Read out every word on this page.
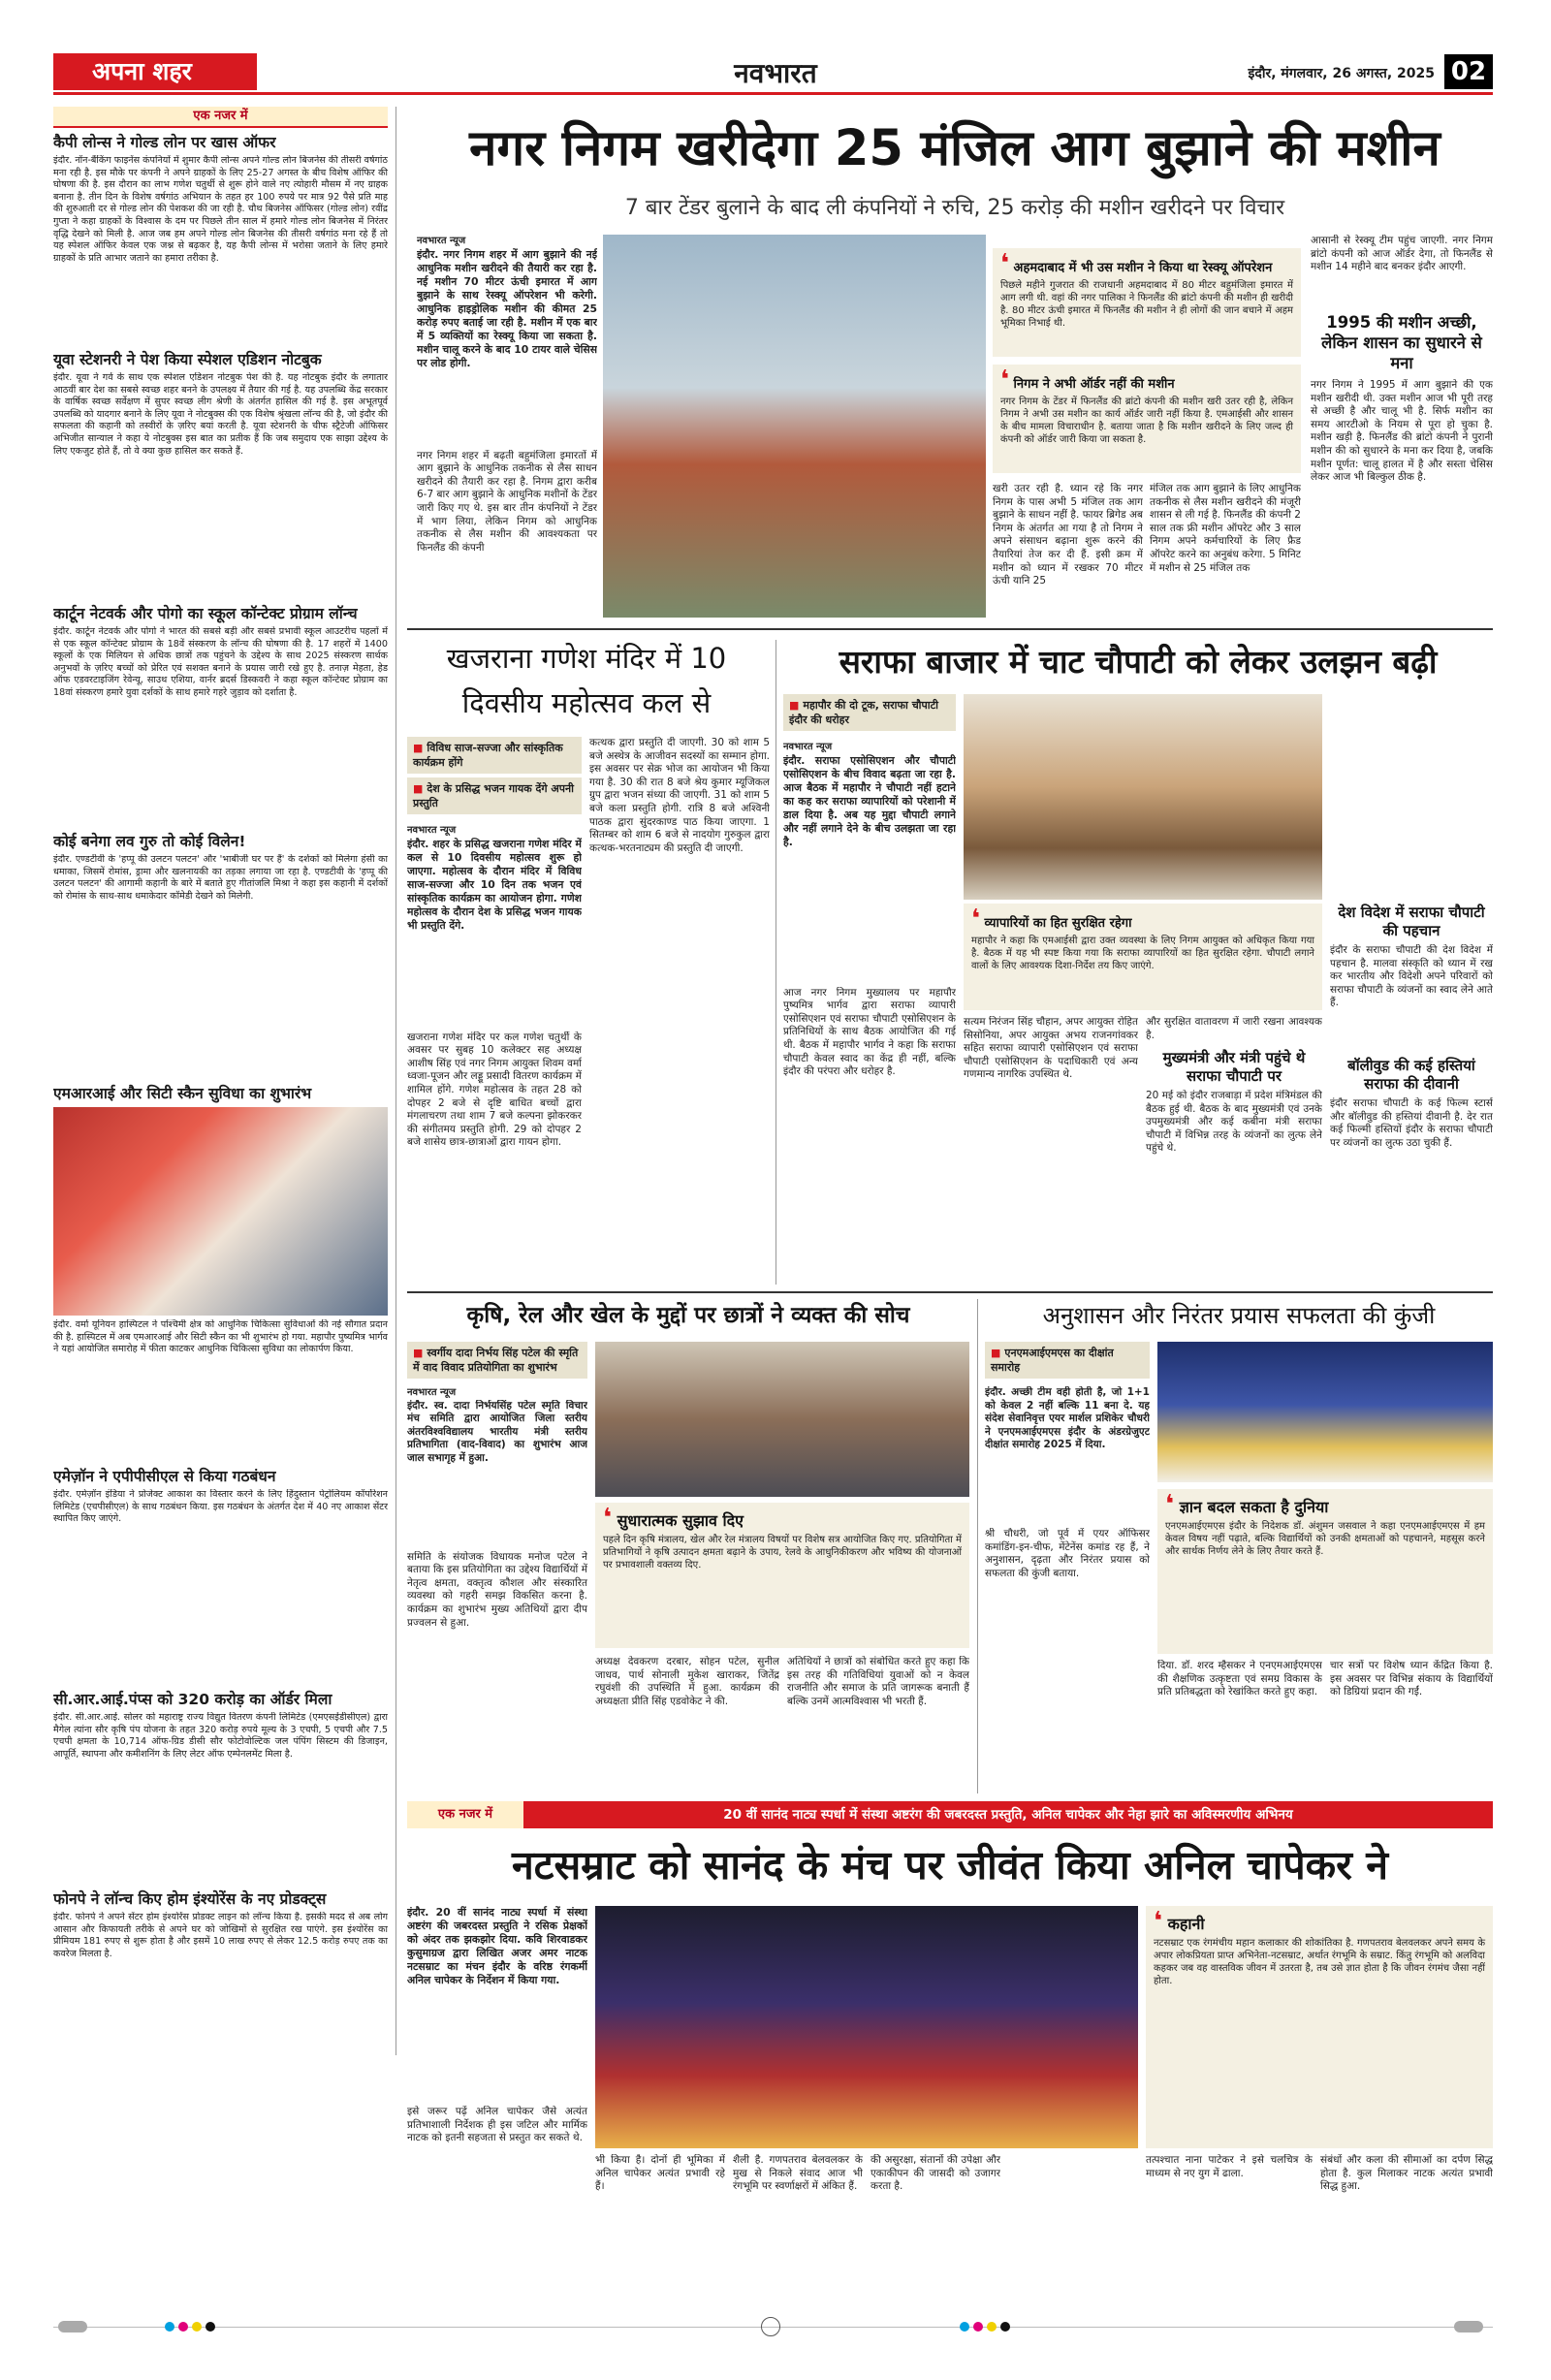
अपना शहर	नवभारत	इंदौर, मंगलवार, 26 अगस्त, 2025 02
एक नजर में
कैपी लोन्स ने गोल्ड लोन पर खास ऑफर
इंदौर. नॉन-बैंकिंग फाइनेंस कंपनियों में शुमार कैपी लोन्स अपने गोल्ड लोन बिजनेस की तीसरी वर्षगांठ मना रही है. इस मौके पर कंपनी ने अपने ग्राहकों के लिए 25-27 अगस्त के बीच विशेष ऑफिर की घोषणा की है. इस दौरान का लाभ गणेश चतुर्थी से शुरू होने वाले नए त्योहारी मौसम में नए ग्राहक बनाना है. तीन दिन के विशेष वर्षगांठ अभियान के तहत हर 100 रुपये पर मात्र 92 पैसे प्रति माह की शुरुआती दर से गोल्ड लोन की पेशकश की जा रही है. चौथ बिजनेस ऑफिसर (गोल्ड लोन) रवींद्र गुप्ता ने कहा ग्राहकों के विश्वास के दम पर पिछले तीन साल में हमारे गोल्ड लोन बिजनेस में निरंतर वृद्धि देखने को मिली है. आज जब हम अपने गोल्ड लोन बिजनेस की तीसरी वर्षगांठ मना रहे हैं तो यह स्पेशल ऑफिर केवल एक जश्न से बढ़कर है, यह कैपी लोन्स में भरोसा जताने के लिए हमारे ग्राहकों के प्रति आभार जताने का हमारा तरीका है.
यूवा स्टेशनरी ने पेश किया स्पेशल एडिशन नोटबुक
इंदौर. यूवा ने गर्व के साथ एक स्पेशल एडिशन नोटबुक पेश की है. यह नोटबुक इंदौर के लगातार आठवीं बार देश का सबसे स्वच्छ शहर बनने के उपलक्ष्य में तैयार की गई है. यह उपलब्धि केंद्र सरकार के वार्षिक स्वच्छ सर्वेक्षण में सुपर स्वच्छ लीग श्रेणी के अंतर्गत हासिल की गई है. इस अभूतपूर्व उपलब्धि को यादगार बनाने के लिए यूवा ने नोटबुक्स की एक विशेष श्रृंखला लॉन्च की है, जो इंदौर की सफलता की कहानी को तस्वीरों के ज़रिए बयां करती है. यूवा स्टेशनरी के चीफ स्ट्रैटेजी ऑफिसर अभिजीत सान्याल ने कहा ये नोटबुक्स इस बात का प्रतीक हैं कि जब समुदाय एक साझा उद्देश्य के लिए एकजुट होते हैं, तो वे क्या कुछ हासिल कर सकते हैं.
कार्टून नेटवर्क और पोगो का स्कूल कॉन्टेक्ट प्रोग्राम लॉन्च
इंदौर. कार्टून नेटवर्क और पोगो ने भारत की सबसे बड़ी और सबसे प्रभावी स्कूल आउटरीच पहलों में से एक स्कूल कॉन्टेक्ट प्रोग्राम के 18वें संस्करण के लॉन्च की घोषणा की है. 17 शहरों में 1400 स्कूलों के एक मिलियन से अधिक छात्रों तक पहुंचने के उद्देश्य के साथ 2025 संस्करण सार्थक अनुभवों के ज़रिए बच्चों को प्रेरित एवं सशक्त बनाने के प्रयास जारी रखे हुए है. तनाज़ मेहता, हेड ऑफ एडवरटाइजिंग रेवेन्यू, साउथ एशिया, वार्नर ब्रदर्स डिस्कवरी ने कहा स्कूल कॉन्टेक्ट प्रोग्राम का 18वां संस्करण हमारे युवा दर्शकों के साथ हमारे गहरे जुड़ाव को दर्शाता है.
कोई बनेगा लव गुरु तो कोई विलेन!
इंदौर. एण्डटीवी के 'हप्पू की उलटन पलटन' और 'भाबीजी घर पर हैं' के दर्शकों को मिलेगा हंसी का धमाका, जिसमें रोमांस, ड्रामा और खलनायकी का तड़का लगाया जा रहा है. एण्डटीवी के 'हप्पू की उलटन पलटन' की आगामी कहानी के बारे में बताते हुए गीतांजलि मिश्रा ने कहा इस कहानी में दर्शकों को रोमांस के साथ-साथ धमाकेदार कॉमेडी देखने को मिलेगी.
एमआरआई और सिटी स्कैन सुविधा का शुभारंभ
इंदौर. वर्मा यूनियन हास्पिटल ने पश्चिमी क्षेत्र को आधुनिक चिकित्सा सुविधाओं की नई सौगात प्रदान की है. हास्पिटल में अब एमआरआई और सिटी स्कैन का भी शुभारंभ हो गया. महापौर पुष्यमित्र भार्गव ने यहां आयोजित समारोह में फीता काटकर आधुनिक चिकित्सा सुविधा का लोकार्पण किया.
एमेज़ॉन ने एपीपीसीएल से किया गठबंधन
इंदौर. एमेज़ॉन इंडिया ने प्रोजेक्ट आकाश का विस्तार करने के लिए हिंदुस्तान पेट्रोलियम कॉर्पोरेशन लिमिटेड (एचपीसीएल) के साथ गठबंधन किया. इस गठबंधन के अंतर्गत देश में 40 नए आकाश सेंटर स्थापित किए जाएंगे.
सी.आर.आई.पंप्स को 320 करोड़ का ऑर्डर मिला
इंदौर. सी.आर.आई. सोलर को महाराष्ट्र राज्य विद्युत वितरण कंपनी लिमिटेड (एमएसईडीसीएल) द्वारा मैगेल त्यांना सौर कृषि पंप योजना के तहत 320 करोड़ रुपये मूल्य के 3 एचपी, 5 एचपी और 7.5 एचपी क्षमता के 10,714 ऑफ-ग्रिड डीसी सौर फोटोवोल्टिक जल पंपिंग सिस्टम की डिजाइन, आपूर्ति, स्थापना और कमीशनिंग के लिए लेटर ऑफ एम्पेनलमेंट मिला है.
फोनपे ने लॉन्च किए होम इंश्योरेंस के नए प्रोडक्ट्स
इंदौर. फोनपे ने अपने सेंटर होम इंश्योरेंस प्रोडक्ट लाइन को लॉन्च किया है. इसकी मदद से अब लोग आसान और किफायती तरीके से अपने घर को जोखिमों से सुरक्षित रख पाएंगे. इस इंश्योरेंस का प्रीमियम 181 रुपए से शुरू होता है और इसमें 10 लाख रुपए से लेकर 12.5 करोड़ रुपए तक का कवरेज मिलता है.
नगर निगम खरीदेगा 25 मंजिल आग बुझाने की मशीन
7 बार टेंडर बुलाने के बाद ली कंपनियों ने रुचि, 25 करोड़ की मशीन खरीदने पर विचार
नवभारत न्यूज
इंदौर. नगर निगम शहर में आग बुझाने की नई आधुनिक मशीन खरीदने की तैयारी कर रहा है. नई मशीन 70 मीटर ऊंची इमारत में आग बुझाने के साथ रेस्क्यू ऑपरेशन भी करेगी. आधुनिक हाइड्रोलिक मशीन की कीमत 25 करोड़ रुपए बताई जा रही है. मशीन में एक बार में 5 व्यक्तियों का रेस्क्यू किया जा सकता है. मशीन चालू करने के बाद 10 टायर वाले चेसिस पर लोड होगी.
नगर निगम शहर में बढ़ती बहुमंजिला इमारतों में आग बुझाने के आधुनिक तकनीक से लैस साधन खरीदने की तैयारी कर रहा है. निगम द्वारा करीब 6-7 बार आग बुझाने के आधुनिक मशीनों के टेंडर जारी किए गए थे. इस बार तीन कंपनियों ने टेंडर में भाग लिया, लेकिन निगम को आधुनिक तकनीक से लैस मशीन की आवश्यकता पर फिनलैंड की कंपनी
❛ अहमदाबाद में भी उस मशीन ने किया था रेस्क्यू ऑपरेशन
पिछले महीने गुजरात की राजधानी अहमदाबाद में 80 मीटर बहुमंजिला इमारत में आग लगी थी. वहां की नगर पालिका ने फिनलैंड की ब्रांटो कंपनी की मशीन ही खरीदी है. 80 मीटर ऊंची इमारत में फिनलैंड की मशीन ने ही लोगों की जान बचाने में अहम भूमिका निभाई थी.
❛ निगम ने अभी ऑर्डर नहीं की मशीन
नगर निगम के टेंडर में फिनलैंड की ब्रांटो कंपनी की मशीन खरी उतर रही है, लेकिन निगम ने अभी उस मशीन का कार्य ऑर्डर जारी नहीं किया है. एमआईसी और शासन के बीच मामला विचाराधीन है. बताया जाता है कि मशीन खरीदने के लिए जल्द ही कंपनी को ऑर्डर जारी किया जा सकता है.
खरी उतर रही है. ध्यान रहे कि नगर निगम के पास अभी 5 मंजिल तक आग बुझाने के साधन नहीं है. फायर ब्रिगेड अब निगम के अंतर्गत आ गया है तो निगम ने अपने संसाधन बढ़ाना शुरू करने की तैयारियां तेज कर दी हैं. इसी क्रम में मशीन को ध्यान में रखकर 70 मीटर ऊंची यानि 25
मंजिल तक आग बुझाने के लिए आधुनिक तकनीक से लैस मशीन खरीदने की मंजूरी शासन से ली गई है. फिनलैंड की कंपनी 2 साल तक फ्री मशीन ऑपरेट और 3 साल निगम अपने कर्मचारियों के लिए फ्रैड ऑपरेट करने का अनुबंध करेगा. 5 मिनिट में मशीन से 25 मंजिल तक
आसानी से रेस्क्यू टीम पहुंच जाएगी. नगर निगम ब्रांटो कंपनी को आज ऑर्डर देगा, तो फिनलैंड से मशीन 14 महीने बाद बनकर इंदौर आएगी.
1995 की मशीन अच्छी, लेकिन शासन का सुधारने से मना
नगर निगम ने 1995 में आग बुझाने की एक मशीन खरीदी थी. उक्त मशीन आज भी पूरी तरह से अच्छी है और चालू भी है. सिर्फ मशीन का समय आरटीओ के नियम से पूरा हो चुका है. मशीन खड़ी है. फिनलैंड की ब्रांटो कंपनी ने पुरानी मशीन की को सुधारने के मना कर दिया है, जबकि मशीन पूर्णत: चालू हालत में है और सस्ता चेसिस लेकर आज भी बिल्कुल ठीक है.
खजराना गणेश मंदिर में 10 दिवसीय महोत्सव कल से
■ विविध साज-सज्जा और सांस्कृतिक कार्यक्रम होंगे
■ देश के प्रसिद्ध भजन गायक देंगे अपनी प्रस्तुति
नवभारत न्यूज
इंदौर. शहर के प्रसिद्ध खजराना गणेश मंदिर में कल से 10 दिवसीय महोत्सव शुरू हो जाएगा. महोत्सव के दौरान मंदिर में विविध साज-सज्जा और 10 दिन तक भजन एवं सांस्कृतिक कार्यक्रम का आयोजन होगा. गणेश महोत्सव के दौरान देश के प्रसिद्ध भजन गायक भी प्रस्तुति देंगे.
खजराना गणेश मंदिर पर कल गणेश चतुर्थी के अवसर पर सुबह 10 कलेक्टर सह अध्यक्ष आशीष सिंह एवं नगर निगम आयुक्त शिवम वर्मा ध्वजा-पूजन और लड्डू प्रसादी वितरण कार्यक्रम में शामिल होंगे. गणेश महोत्सव के तहत 28 को दोपहर 2 बजे से दृष्टि बाधित बच्चों द्वारा मंगलाचरण तथा शाम 7 बजे कल्पना झोकरकर की संगीतमय प्रस्तुति होगी. 29 को दोपहर 2 बजे शासेय छात्र-छात्राओं द्वारा गायन होगा.
कत्थक द्वारा प्रस्तुति दी जाएगी. 30 को शाम 5 बजे अस्थेत्र के आजीवन सदस्यों का सम्मान होगा. इस अवसर पर सेक्र भोज का आयोजन भी किया गया है. 30 की रात 8 बजे श्रेय कुमार म्यूजिकल ग्रुप द्वारा भजन संध्या की जाएगी. 31 को शाम 5 बजे कला प्रस्तुति होगी. रात्रि 8 बजे अश्विनी पाठक द्वारा सुंदरकाण्ड पाठ किया जाएगा. 1 सितम्बर को शाम 6 बजे से नादयोग गुरुकुल द्वारा कत्थक-भरतनाट्यम की प्रस्तुति दी जाएगी.
सराफा बाजार में चाट चौपाटी को लेकर उलझन बढ़ी
■ महापौर की दो टूक, सराफा चौपाटी इंदौर की धरोहर
नवभारत न्यूज
इंदौर. सराफा एसोसिएशन और चौपाटी एसोसिएशन के बीच विवाद बढ़ता जा रहा है. आज बैठक में महापौर ने चौपाटी नहीं हटाने का कह कर सराफा व्यापारियों को परेशानी में डाल दिया है. अब यह मुद्दा चौपाटी लगाने और नहीं लगाने देने के बीच उलझता जा रहा है.
आज नगर निगम मुख्यालय पर महापौर पुष्यमित्र भार्गव द्वारा सराफा व्यापारी एसोसिएशन एवं सराफा चौपाटी एसोसिएशन के प्रतिनिधियों के साथ बैठक आयोजित की गई थी. बैठक में महापौर भार्गव ने कहा कि सराफा चौपाटी केवल स्वाद का केंद्र ही नहीं, बल्कि इंदौर की परंपरा और धरोहर है.
❛ व्यापारियों का हित सुरक्षित रहेगा
महापौर ने कहा कि एमआईसी द्वारा उक्त व्यवस्था के लिए निगम आयुक्त को अधिकृत किया गया है. बैठक में यह भी स्पष्ट किया गया कि सराफा व्यापारियों का हित सुरक्षित रहेगा. चौपाटी लगाने वालों के लिए आवश्यक दिशा-निर्देश तय किए जाएंगे.
सत्यम निरंजन सिंह चौहान, अपर आयुक्त रोहित सिसोनिया, अपर आयुक्त अभय राजनगांवकर सहित सराफा व्यापारी एसोसिएशन एवं सराफा चौपाटी एसोसिएशन के पदाधिकारी एवं अन्य गणमान्य नागरिक उपस्थित थे.
और सुरक्षित वातावरण में जारी रखना आवश्यक है.
मुख्यमंत्री और मंत्री पहुंचे थे सराफा चौपाटी पर
20 मई को इंदौर राजबाड़ा में प्रदेश मंत्रिमंडल की बैठक हुई थी. बैठक के बाद मुख्यमंत्री एवं उनके उपमुख्यमंत्री और कई कबीना मंत्री सराफा चौपाटी में विभिन्न तरह के व्यंजनों का लुत्फ लेने पहुंचे थे.
देश विदेश में सराफा चौपाटी की पहचान
इंदौर के सराफा चौपाटी की देश विदेश में पहचान है. मालवा संस्कृति को ध्यान में रख कर भारतीय और विदेशी अपने परिवारों को सराफा चौपाटी के व्यंजनों का स्वाद लेने आते हैं.
बॉलीवुड की कई हस्तियां सराफा की दीवानी
इंदौर सराफा चौपाटी के कई फिल्म स्टार्स और बॉलीवुड की हस्तियां दीवानी है. देर रात कई फिल्मी हस्तियों इंदौर के सराफा चौपाटी पर व्यंजनों का लुत्फ उठा चुकी हैं.
कृषि, रेल और खेल के मुद्दों पर छात्रों ने व्यक्त की सोच
■ स्वर्गीय दादा निर्भय सिंह पटेल की स्मृति में वाद विवाद प्रतियोगिता का शुभारंभ
नवभारत न्यूज
इंदौर. स्व. दादा निर्भयसिंह पटेल स्मृति विचार मंच समिति द्वारा आयोजित जिला स्तरीय अंतरविश्वविद्यालय भारतीय मंत्री स्तरीय प्रतिभागिता (वाद-विवाद) का शुभारंभ आज जाल सभागृह में हुआ.
समिति के संयोजक विधायक मनोज पटेल ने बताया कि इस प्रतियोगिता का उद्देश्य विद्यार्थियों में नेतृत्व क्षमता, वक्तृत्व कौशल और संस्कारित व्यवस्था को गहरी समझ विकसित करना है. कार्यक्रम का शुभारंभ मुख्य अतिथियों द्वारा दीप प्रज्वलन से हुआ.
❛ सुधारात्मक सुझाव दिए
पहले दिन कृषि मंत्रालय, खेल और रेल मंत्रालय विषयों पर विशेष सत्र आयोजित किए गए. प्रतियोगिता में प्रतिभागियों ने कृषि उत्पादन क्षमता बढ़ाने के उपाय, रेलवे के आधुनिकीकरण और भविष्य की योजनाओं पर प्रभावशाली वक्तव्य दिए.
अध्यक्ष देवकरण दरबार, सोहन पटेल, सुनील जाधव, पार्थ सोनाली मुकेश खाराकर, जितेंद्र रघुवंशी की उपस्थिति में हुआ. कार्यक्रम की अध्यक्षता प्रीति सिंह एडवोकेट ने की.
अतिथियों ने छात्रों को संबोधित करते हुए कहा कि इस तरह की गतिविधियां युवाओं को न केवल राजनीति और समाज के प्रति जागरूक बनाती हैं बल्कि उनमें आत्मविश्वास भी भरती हैं.
अनुशासन और निरंतर प्रयास सफलता की कुंजी
■ एनएमआईएमएस का दीक्षांत समारोह
इंदौर. अच्छी टीम वही होती है, जो 1+1 को केवल 2 नहीं बल्कि 11 बना दे. यह संदेश सेवानिवृत्त एयर मार्शल प्रशिकेर चौधरी ने एनएमआईएमएस इंदौर के अंडरग्रेजुएट दीक्षांत समारोह 2025 में दिया.
श्री चौधरी, जो पूर्व में एयर ऑफिसर कमांडिंग-इन-चीफ, मेंटेनेंस कमांड रह हैं, ने अनुशासन, दृढ़ता और निरंतर प्रयास को सफलता की कुंजी बताया.
❛ ज्ञान बदल सकता है दुनिया
एनएमआईएमएस इंदौर के निदेशक डॉ. अंशुमन जसवाल ने कहा एनएमआईएमएस में हम केवल विषय नहीं पढ़ाते, बल्कि विद्यार्थियों को उनकी क्षमताओं को पहचानने, महसूस करने और सार्थक निर्णय लेने के लिए तैयार करते हैं.
दिया. डॉ. शरद म्हैसकर ने एनएमआईएमएस की शैक्षणिक उत्कृष्टता एवं समग्र विकास के प्रति प्रतिबद्धता को रेखांकित करते हुए कहा.
चार सत्रों पर विशेष ध्यान केंद्रित किया है. इस अवसर पर विभिन्न संकाय के विद्यार्थियों को डिग्रियां प्रदान की गईं.
एक नजर में	20 वीं सानंद नाट्य स्पर्धा में संस्था अष्टरंग की जबरदस्त प्रस्तुति, अनिल चापेकर और नेहा झारे का अविस्मरणीय अभिनय
नटसम्राट को सानंद के मंच पर जीवंत किया अनिल चापेकर ने
इंदौर. 20 वीं सानंद नाट्य स्पर्धा में संस्था अष्टरंग की जबरदस्त प्रस्तुति ने रसिक प्रेक्षकों को अंदर तक झकझोर दिया. कवि शिरवाडकर कुसुमाग्रज द्वारा लिखित अजर अमर नाटक नटसम्राट का मंचन इंदौर के वरिष्ठ रंगकर्मी अनिल चापेकर के निर्देशन में किया गया.
इसे जरूर पढ़ें अनिल चापेकर जैसे अत्यंत प्रतिभाशाली निर्देशक ही इस जटिल और मार्मिक नाटक को इतनी सहजता से प्रस्तुत कर सकते थे.
भी किया है। दोनों ही भूमिका में अनिल चापेकर अत्यंत प्रभावी रहे हैं।
शैली है. गणपतराव बेलवलकर के मुख से निकले संवाद आज भी रंगभूमि पर स्वर्णाक्षरों में अंकित हैं.
की असुरक्षा, संतानों की उपेक्षा और एकाकीपन की जासदी को उजागर करता है.
❛ कहानी
नटसम्राट एक रंगमंचीय महान कलाकार की शोकांतिका है. गणपतराव बेलवलकर अपने समय के अपार लोकप्रियता प्राप्त अभिनेता-नटसम्राट, अर्थात रंगभूमि के सम्राट. किंतु रंगभूमि को अलविदा कहकर जब वह वास्तविक जीवन में उतरता है, तब उसे ज्ञात होता है कि जीवन रंगमंच जैसा नहीं होता.
तत्पश्चात नाना पाटेकर ने इसे चलचित्र के माध्यम से नए युग में ढाला.
संबंधों और कला की सीमाओं का दर्पण सिद्ध होता है. कुल मिलाकर नाटक अत्यंत प्रभावी सिद्ध हुआ.
